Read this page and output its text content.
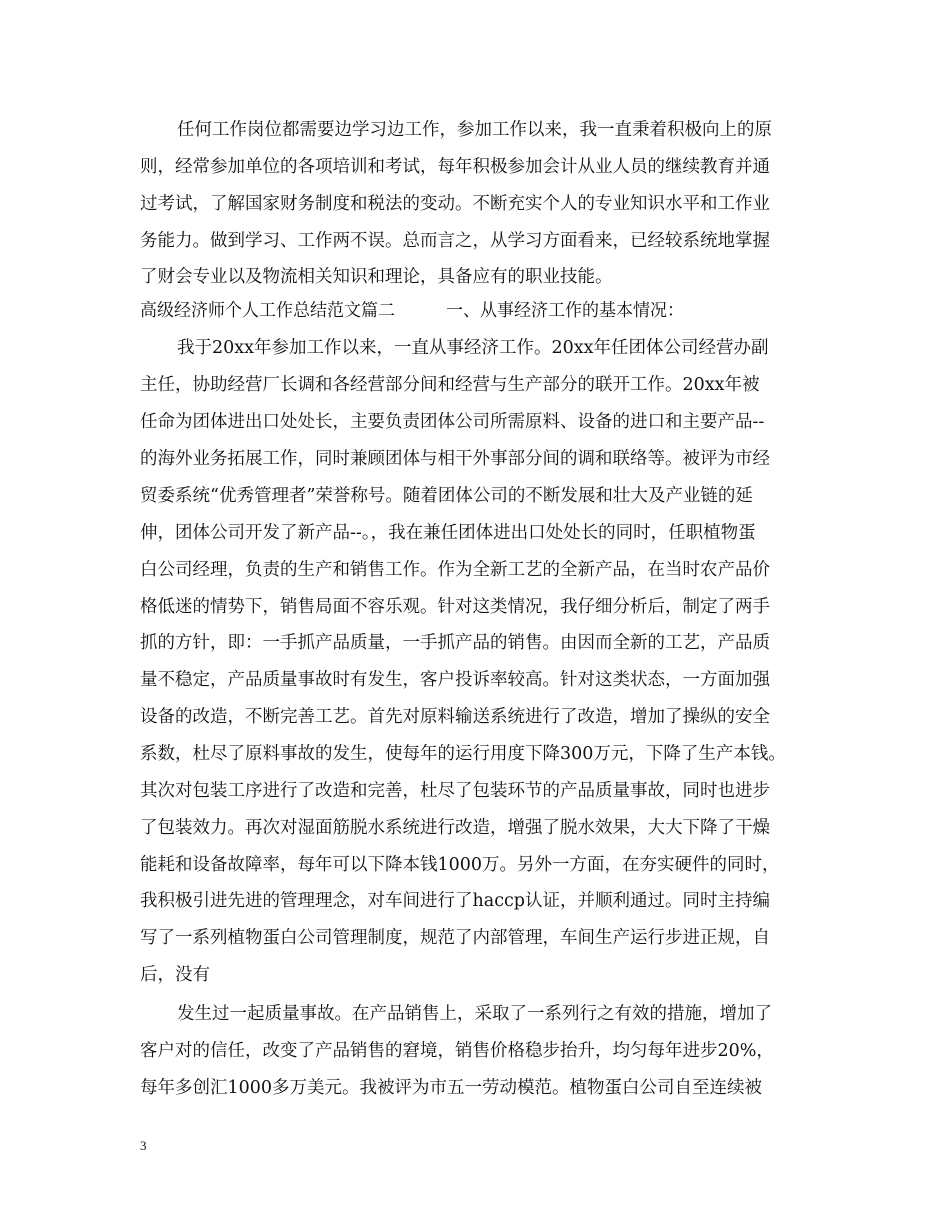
任何工作岗位都需要边学习边工作，参加工作以来，我一直秉着积极向上的原
则，经常参加单位的各项培训和考试，每年积极参加会计从业人员的继续教育并通
过考试，了解国家财务制度和税法的变动。不断充实个人的专业知识水平和工作业
务能力。做到学习、工作两不误。总而言之，从学习方面看来，已经较系统地掌握
了财会专业以及物流相关知识和理论，具备应有的职业技能。
高级经济师个人工作总结范文篇二	一、从事经济工作的基本情况：
我于20xx年参加工作以来，一直从事经济工作。20xx年任团体公司经营办副
主任，协助经营厂长调和各经营部分间和经营与生产部分的联开工作。20xx年被
任命为团体进出口处处长，主要负责团体公司所需原料、设备的进口和主要产品--
的海外业务拓展工作，同时兼顾团体与相干外事部分间的调和联络等。被评为市经
贸委系统“优秀管理者”荣誉称号。随着团体公司的不断发展和壮大及产业链的延
伸，团体公司开发了新产品--。，我在兼任团体进出口处处长的同时，任职植物蛋
白公司经理，负责的生产和销售工作。作为全新工艺的全新产品，在当时农产品价
格低迷的情势下，销售局面不容乐观。针对这类情况，我仔细分析后，制定了两手
抓的方针，即：一手抓产品质量，一手抓产品的销售。由因而全新的工艺，产品质
量不稳定，产品质量事故时有发生，客户投诉率较高。针对这类状态，一方面加强
设备的改造，不断完善工艺。首先对原料输送系统进行了改造，增加了操纵的安全
系数，杜尽了原料事故的发生，使每年的运行用度下降300万元，下降了生产本钱。
其次对包装工序进行了改造和完善，杜尽了包装环节的产品质量事故，同时也进步
了包装效力。再次对湿面筋脱水系统进行改造，增强了脱水效果，大大下降了干燥
能耗和设备故障率，每年可以下降本钱1000万。另外一方面，在夯实硬件的同时，
我积极引进先进的管理理念，对车间进行了haccp认证，并顺利通过。同时主持编
写了一系列植物蛋白公司管理制度，规范了内部管理，车间生产运行步进正规，自
后，没有
发生过一起质量事故。在产品销售上，采取了一系列行之有效的措施，增加了
客户对的信任，改变了产品销售的窘境，销售价格稳步抬升，均匀每年进步20%，
每年多创汇1000多万美元。我被评为市五一劳动模范。植物蛋白公司自至连续被
3
